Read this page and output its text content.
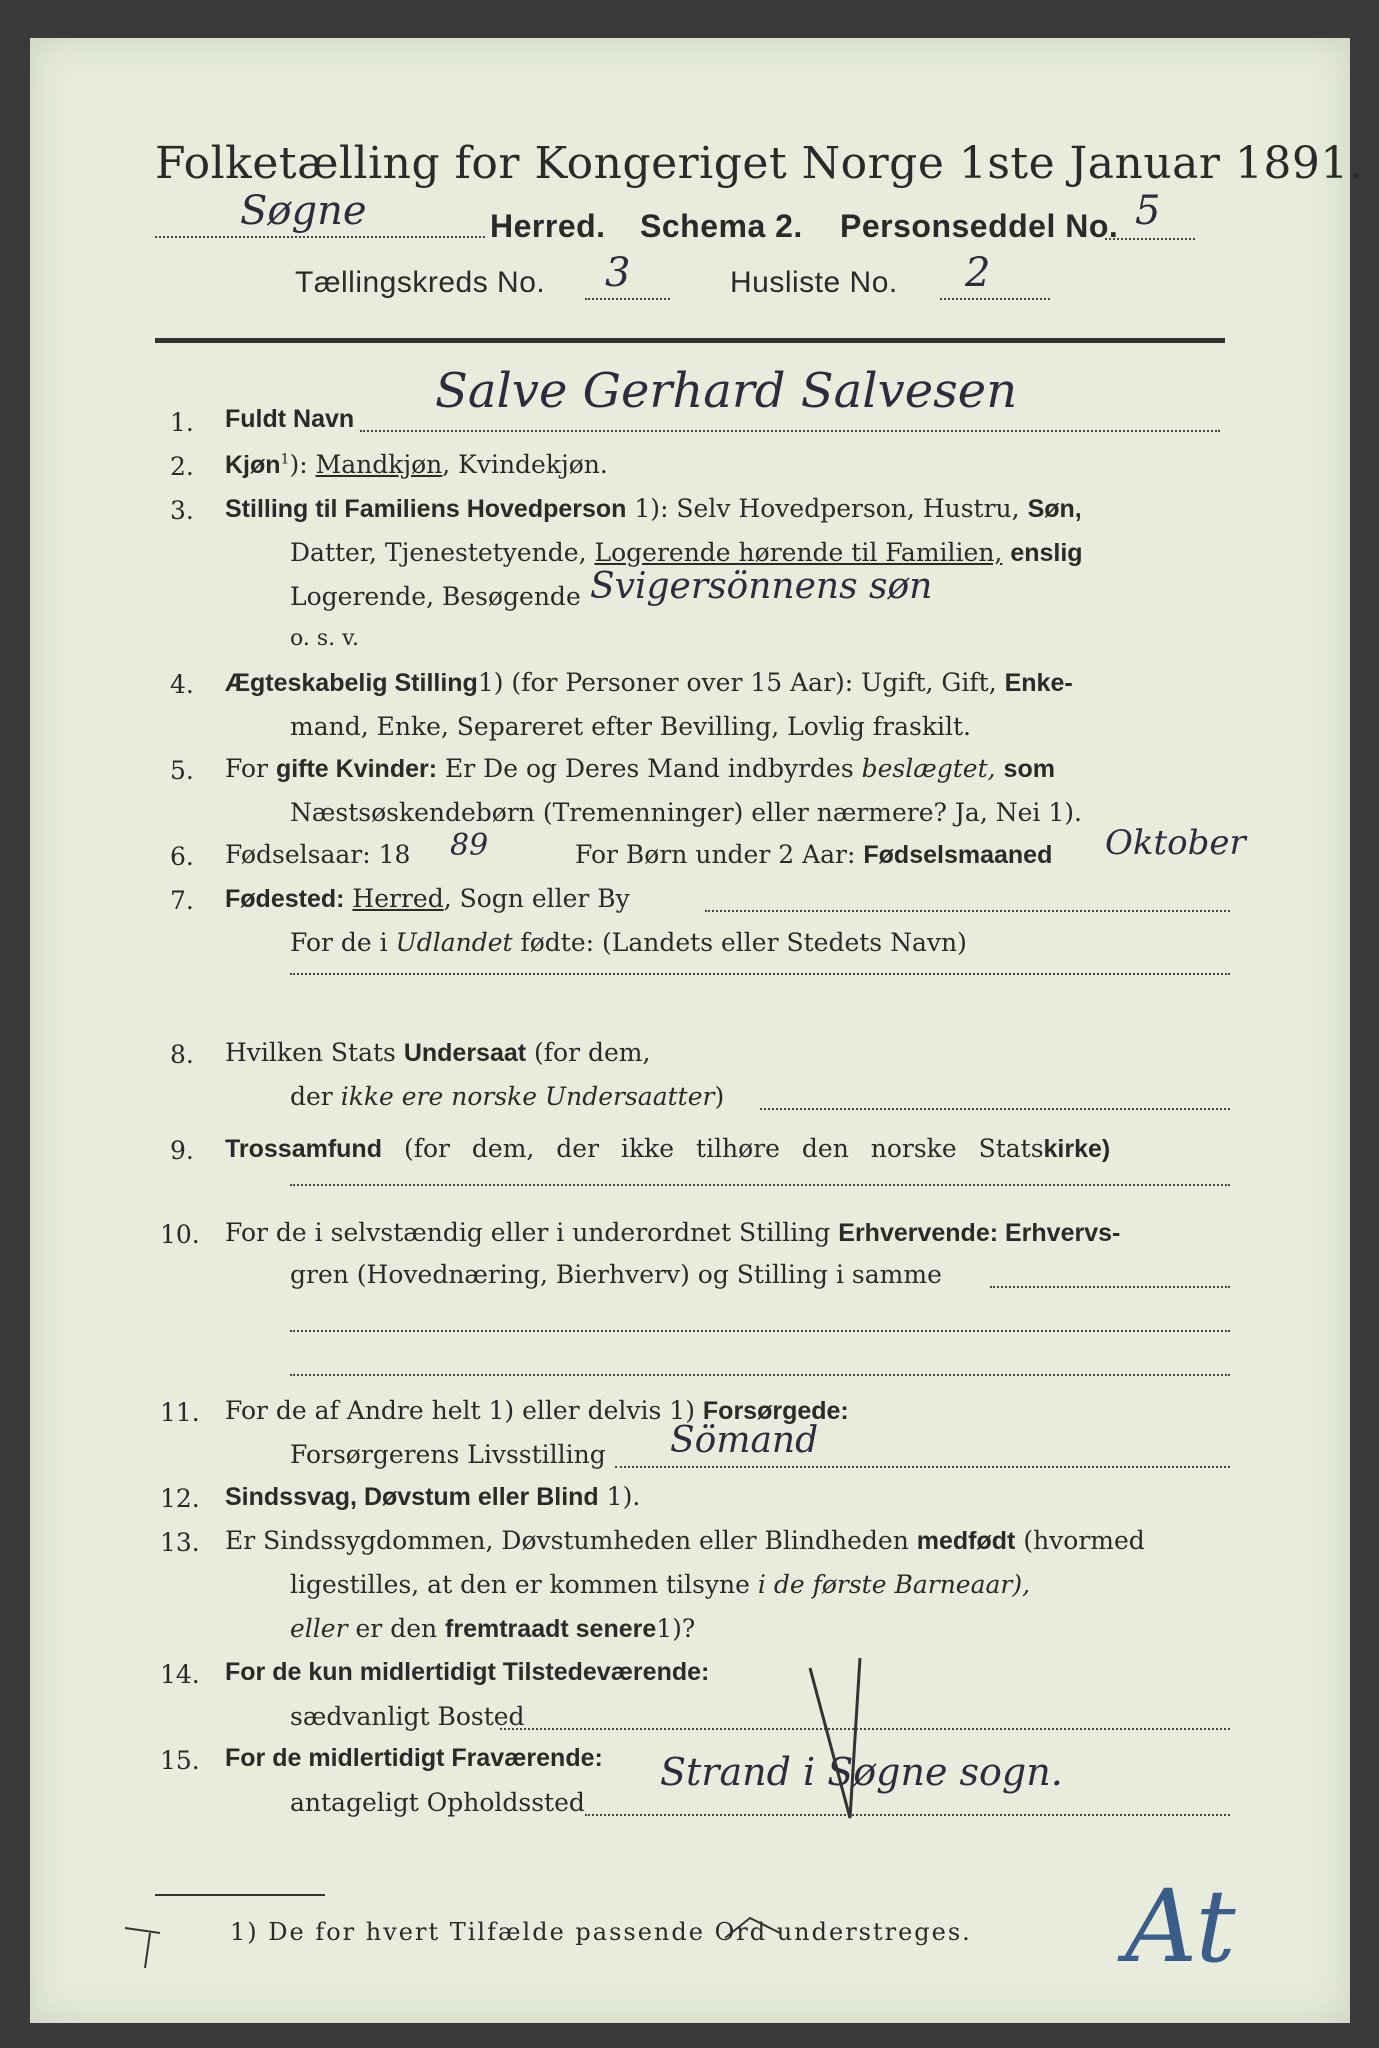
Folketælling for Kongeriget Norge 1ste Januar 1891.
Søgne	Herred. Schema 2. Personseddel No. 5
Tællingskreds No. 3	Husliste No. 2
1. Fuldt Navn Salve Gerhard Salvesen
2. Kjøn$^1$): Mandkjøn, Kvindekjøn.
3. Stilling til Familiens Hovedperson 1): Selv Hovedperson, Hustru, Søn,
Datter, Tjenestetyende, Logerende hørende til Familien, enslig
Logerende, Besøgende Svigersönnens søn
o. s. v.
4. Ægteskabelig Stilling1) (for Personer over 15 Aar): Ugift, Gift, Enke-
mand, Enke, Separeret efter Bevilling, Lovlig fraskilt.
5. For gifte Kvinder: Er De og Deres Mand indbyrdes beslægtet, som
Næstsøskendebørn (Tremenninger) eller nærmere? Ja, Nei 1).
6. Fødselsaar: 18 89	For Børn under 2 Aar: Fødselsmaaned Oktober
7. Fødested: Herred, Sogn eller By
For de i Udlandet fødte: (Landets eller Stedets Navn)
8. Hvilken Stats Undersaat (for dem,
der ikke ere norske Undersaatter)
9. Trossamfund (for dem, der ikke tilhøre den norske Statskirke)
10. For de i selvstændig eller i underordnet Stilling Erhvervende: Erhvervs-
gren (Hovednæring, Bierhverv) og Stilling i samme
11. For de af Andre helt 1) eller delvis 1) Forsørgede:
Forsørgerens Livsstilling Sömand
12. Sindssvag, Døvstum eller Blind 1).
13. Er Sindssygdommen, Døvstumheden eller Blindheden medfødt (hvormed
ligestilles, at den er kommen tilsyne i de første Barneaar),
eller er den fremtraadt senere1)?
14. For de kun midlertidigt Tilstedeværende:
sædvanligt Bosted
15. For de midlertidigt Fraværende:
antageligt Opholdssted
Strand i Søgne sogn.
1) De for hvert Tilfælde passende Ord understreges. At
